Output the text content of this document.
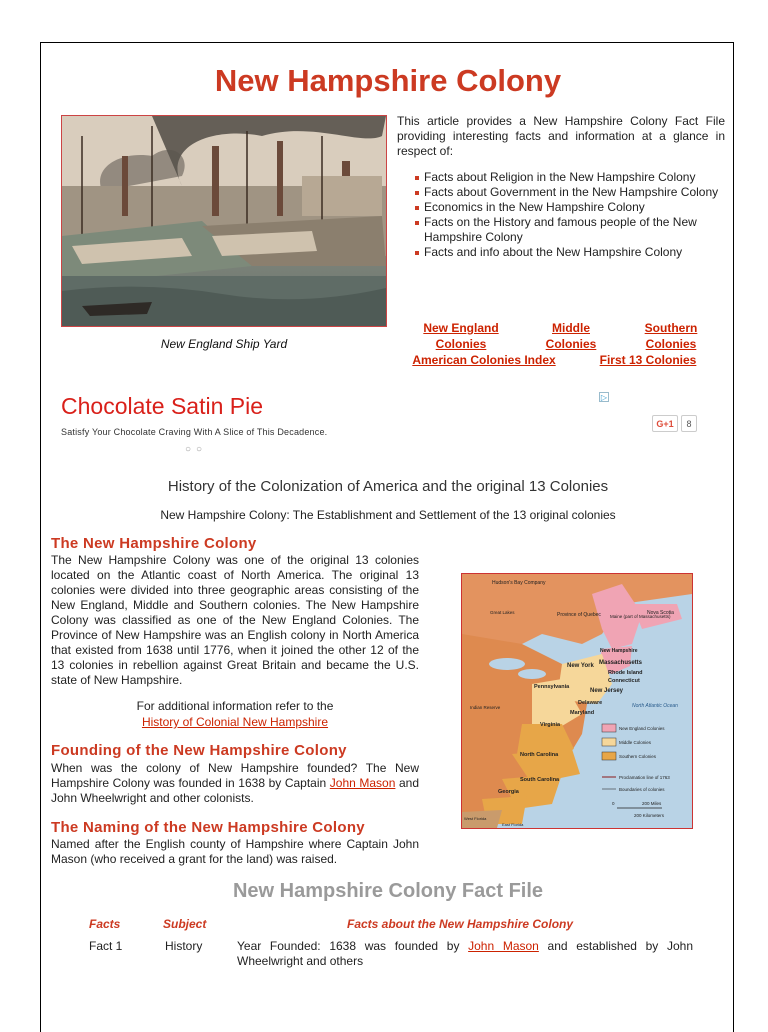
New Hampshire Colony
New England Ship Yard
This article provides a New Hampshire Colony Fact File providing interesting facts and information at a glance in respect of:
Facts about Religion in the New Hampshire Colony
Facts about Government in the New Hampshire Colony
Economics in the New Hampshire Colony
Facts on the History and famous people of the New Hampshire Colony
Facts and info about the New Hampshire Colony
New England
Colonies
Middle
Colonies
Southern
Colonies
American Colonies Index	First 13 Colonies
Chocolate Satin Pie
Satisfy Your Chocolate Craving With A Slice of This Decadence.
○○
▷
G+1	8
History of the Colonization of America and the original 13 Colonies
New Hampshire Colony: The Establishment and Settlement of the 13 original colonies
The New Hampshire Colony
The New Hampshire Colony was one of the original 13 colonies located on the Atlantic coast of North America. The original 13 colonies were divided into three geographic areas consisting of the New England, Middle and Southern colonies. The New Hampshire Colony was classified as one of the New England Colonies. The Province of New Hampshire was an English colony in North America that existed from 1638 until 1776, when it joined the other 12 of the 13 colonies in rebellion against Great Britain and became the U.S. state of New Hampshire.
For additional information refer to the
History of Colonial New Hampshire
Founding of the New Hampshire Colony
When was the colony of New Hampshire founded? The New Hampshire Colony was founded in 1638 by Captain John Mason and John Wheelwright and other colonists.
The Naming of the New Hampshire Colony
Named after the English county of Hampshire where Captain John Mason (who received a grant for the land) was raised.
Hudson's Bay Company
Province of Quebec Maine (part of Massachusetts)
Nova Scotia
Great Lakes
New York
New Hampshire
Massachusetts
Rhode Island
Connecticut
New Jersey
Pennsylvania
Delaware
Maryland
Virginia
North Carolina
South Carolina
Georgia
Indian Reserve	North Atlantic Ocean
West Florida
East Florida
New England Colonies
Middle Colonies
Southern Colonies
Proclamation line of 1763
Boundaries of colonies
0	200 Miles
200 Kilometers
New Hampshire Colony Fact File
Facts	Subject	Facts about the New Hampshire Colony
Fact 1	History	Year Founded: 1638 was founded by John Mason and established by John Wheelwright and others
